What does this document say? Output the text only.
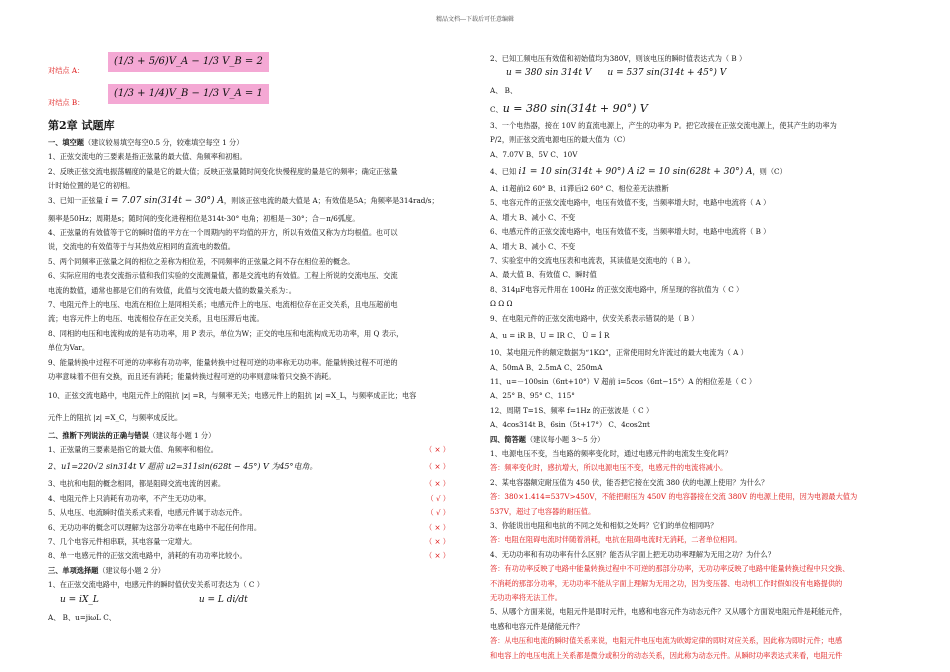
精品文档---下载后可任意编辑
对结点 A：
(1/3 + 5/6)V_A − 1/3 V_B = 2
对结点 B：
(1/3 + 1/4)V_B − 1/3 V_A = 1
第2章 试题库
一、填空题（建议较易填空每空0.5 分，较难填空每空 1 分）
1、正弦交流电的三要素是指正弦量的最大值、角频率和初相。
2、反映正弦交流电振荡幅度的量是它的最大值；反映正弦量随时间变化快慢程度的量是它的频率；确定正弦量
计时始位置的是它的初相。
3、已知一正弦量 i = 7.07 sin(314t − 30°) A，则该正弦电流的最大值是 A；有效值是5A；角频率是314rad/s；
频率是50Hz；周期是s；随时间的变化进程相位是314t-30° 电角；初相是－30°；合－π/6弧度。
4、正弦量的有效值等于它的瞬时值的平方在一个周期内的平均值的开方，所以有效值又称为方均根值。也可以
说，交流电的有效值等于与其热效应相同的直流电的数值。
5、两个同频率正弦量之间的相位之差称为相位差，不同频率的正弦量之间不存在相位差的概念。
6、实际应用的电表交流指示值和我们实验的交流测量值，都是交流电的有效值。工程上所说的交流电压、交流
电流的数值，通常也都是它们的有效值，此值与交流电最大值的数量关系为：。
7、电阻元件上的电压、电流在相位上是同相关系；电感元件上的电压、电流相位存在正交关系，且电压超前电
流；电容元件上的电压、电流相位存在正交关系，且电压滞后电流。
8、同相的电压和电流构成的是有功功率，用 P 表示，单位为W；正交的电压和电流构成无功功率，用 Q 表示，
单位为Var。
9、能量转换中过程不可逆的功率称有功功率，能量转换中过程可逆的功率称无功功率。能量转换过程不可逆的
功率意味着不但有交换，而且还有消耗；能量转换过程可逆的功率则意味着只交换不消耗。
10、正弦交流电路中，电阻元件上的阻抗 |z| =R，与频率无关；电感元件上的阻抗 |z| =X_L，与频率成正比；电容
元件上的阻抗 |z| =X_C，与频率成反比。
二、推断下列说法的正确与错误（建议每小题 1 分）
1、正弦量的三要素是指它的最大值、角频率和相位。	（ × ）
2、u1=220√2 sin314t V 超前 u2=311sin(628t − 45°) V 为45°电角。	（ × ）
3、电抗和电阻的概念相同，都是阻碍交流电流的因素。	（ × ）
4、电阻元件上只消耗有功功率，不产生无功功率。	（ √ ）
5、从电压、电流瞬时值关系式来看，电感元件属于动态元件。	（ √ ）
6、无功功率的概念可以理解为这部分功率在电路中不起任何作用。	（ × ）
7、几个电容元件相串联，其电容量一定增大。	（ × ）
8、单一电感元件的正弦交流电路中，消耗的有功功率比较小。	（ × ）
三、单项选择题（建议每小题 2 分）
1、在正弦交流电路中，电感元件的瞬时值伏安关系可表达为（ C ）
u = iX_L	u = L di/dt
A、 B、u=jiωL C、
2、已知工频电压有效值和初始值均为380V，则该电压的瞬时值表达式为（ B ）
u = 380 sin 314t V u = 537 sin(314t + 45°) V
A、 B、
C、u = 380 sin(314t + 90°) V
3、一个电热器，接在 10V 的直流电源上，产生的功率为 P。把它改接在正弦交流电源上，使其产生的功率为
P/2，则正弦交流电源电压的最大值为（C）
A、7.07V B、5V C、10V
4、已知 i1 = 10 sin(314t + 90°) A i2 = 10 sin(628t + 30°) A，则（C）
A、i1超前i2 60° B、i1滞后i2 60° C、相位差无法推断
5、电容元件的正弦交流电路中，电压有效值不变，当频率增大时，电路中电流将（ A ）
A、增大 B、减小 C、不变
6、电感元件的正弦交流电路中，电压有效值不变，当频率增大时，电路中电流将（ B ）
A、增大 B、减小 C、不变
7、实验室中的交流电压表和电流表，其读值是交流电的（ B ）。
A、最大值 B、有效值 C、瞬时值
8、314μF电容元件用在 100Hz 的正弦交流电路中，所呈现的容抗值为（ C ）
Ω Ω Ω
9、在电阻元件的正弦交流电路中，伏安关系表示错误的是（ B ）
A、u = iR B、U = IR C、 U̇ = İ R
10、某电阻元件的额定数据为“1KΩ”，正常使用时允许流过的最大电流为（ A ）
A、50mA B、2.5mA C、250mA
11、u=－100sin（6πt+10°）V 超前 i=5cos（6πt−15°）A 的相位差是（ C ）
A、25° B、95° C、115°
12、周期 T=1S、频率 f=1Hz 的正弦波是（ C ）
A、4cos314t B、6sin（5t+17°） C、4cos2πt
四、简答题（建议每小题 3～5 分）
1、电源电压不变，当电路的频率变化时，通过电感元件的电流发生变化吗？
答：频率变化时，感抗增大，所以电源电压不变，电感元件的电流将减小。
2、某电容器额定耐压值为 450 伏，能否把它接在交流 380 伏的电源上使用？为什么？
答：380×1.414=537V>450V，不能把耐压为 450V 的电容器接在交流 380V 的电源上使用，因为电源最大值为
537V，超过了电容器的耐压值。
3、你能说出电阻和电抗的不同之处和相似之处吗？它们的单位相同吗？
答：电阻在阻碍电流时伴随着消耗，电抗在阻碍电流时无消耗，二者单位相同。
4、无功功率和有功功率有什么区别？能否从字面上把无功功率理解为无用之功？为什么？
答：有功功率反映了电路中能量转换过程中不可逆的那部分功率，无功功率反映了电路中能量转换过程中只交换、
不消耗的那部分功率，无功功率不能从字面上理解为无用之功，因为变压器、电动机工作时假如没有电路提供的
无功功率将无法工作。
5、从哪个方面来说，电阻元件是即时元件，电感和电容元件为动态元件？又从哪个方面说电阻元件是耗能元件，
电感和电容元件是储能元件？
答：从电压和电流的瞬时值关系来说，电阻元件电压电流为欧姆定律的即时对应关系，因此称为即时元件；电感
和电容上的电压电流上关系都是微分或积分的动态关系，因此称为动态元件。从瞬时功率表达式来看，电阻元件
